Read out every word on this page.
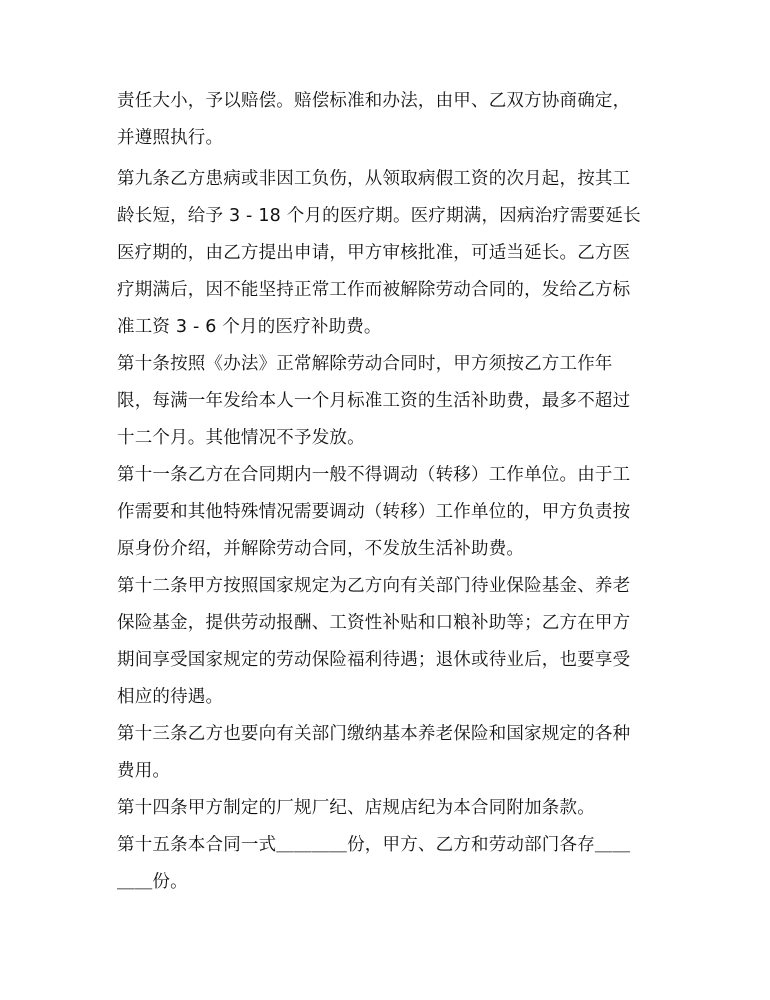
责任大小，予以赔偿。赔偿标准和办法，由甲、乙双方协商确定，

并遵照执行。

第九条乙方患病或非因工负伤，从领取病假工资的次月起，按其工

龄长短，给予 3 - 18 个月的医疗期。医疗期满，因病治疗需要延长

医疗期的，由乙方提出申请，甲方审核批准，可适当延长。乙方医

疗期满后，因不能坚持正常工作而被解除劳动合同的，发给乙方标

准工资 3 - 6 个月的医疗补助费。

第十条按照《办法》正常解除劳动合同时，甲方须按乙方工作年

限，每满一年发给本人一个月标准工资的生活补助费，最多不超过

十二个月。其他情况不予发放。

第十一条乙方在合同期内一般不得调动（转移）工作单位。由于工

作需要和其他特殊情况需要调动（转移）工作单位的，甲方负责按

原身份介绍，并解除劳动合同，不发放生活补助费。

第十二条甲方按照国家规定为乙方向有关部门待业保险基金、养老

保险基金，提供劳动报酬、工资性补贴和口粮补助等；乙方在甲方

期间享受国家规定的劳动保险福利待遇；退休或待业后，也要享受

相应的待遇。

第十三条乙方也要向有关部门缴纳基本养老保险和国家规定的各种

费用。

第十四条甲方制定的厂规厂纪、店规店纪为本合同附加条款。

第十五条本合同一式＿＿＿＿份，甲方、乙方和劳动部门各存＿＿

＿＿份。
